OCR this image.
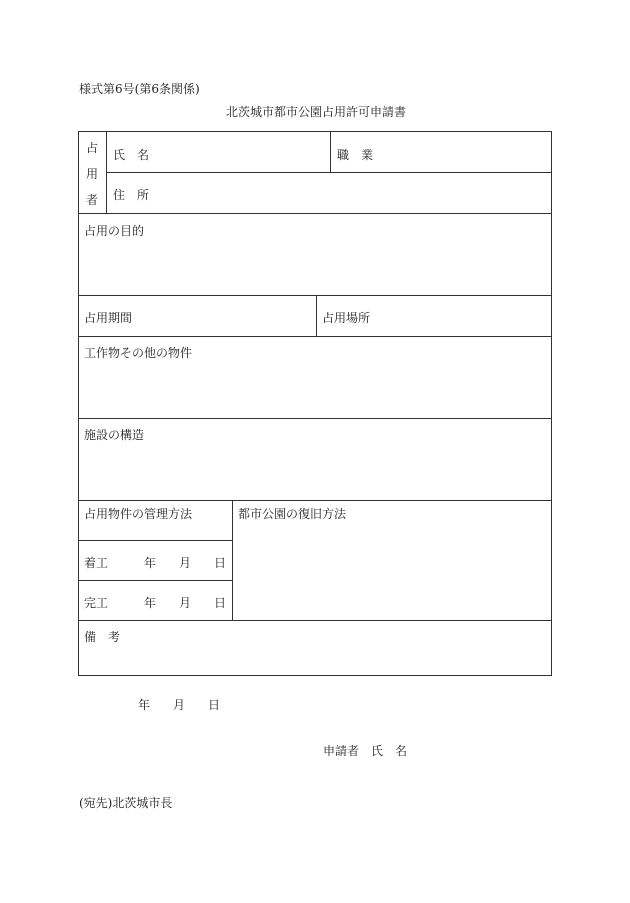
様式第6号(第6条関係)
北茨城市都市公園占用許可申請書
占
用
者
氏　名	職　業
住　所
占用の目的
占用期間	占用場所
工作物その他の物件
施設の構造
占用物件の管理方法	都市公園の復旧方法
着工	年 月 日
完工	年 月 日
備　考
年 月 日
申請者 氏　名
(宛先)北茨城市長
